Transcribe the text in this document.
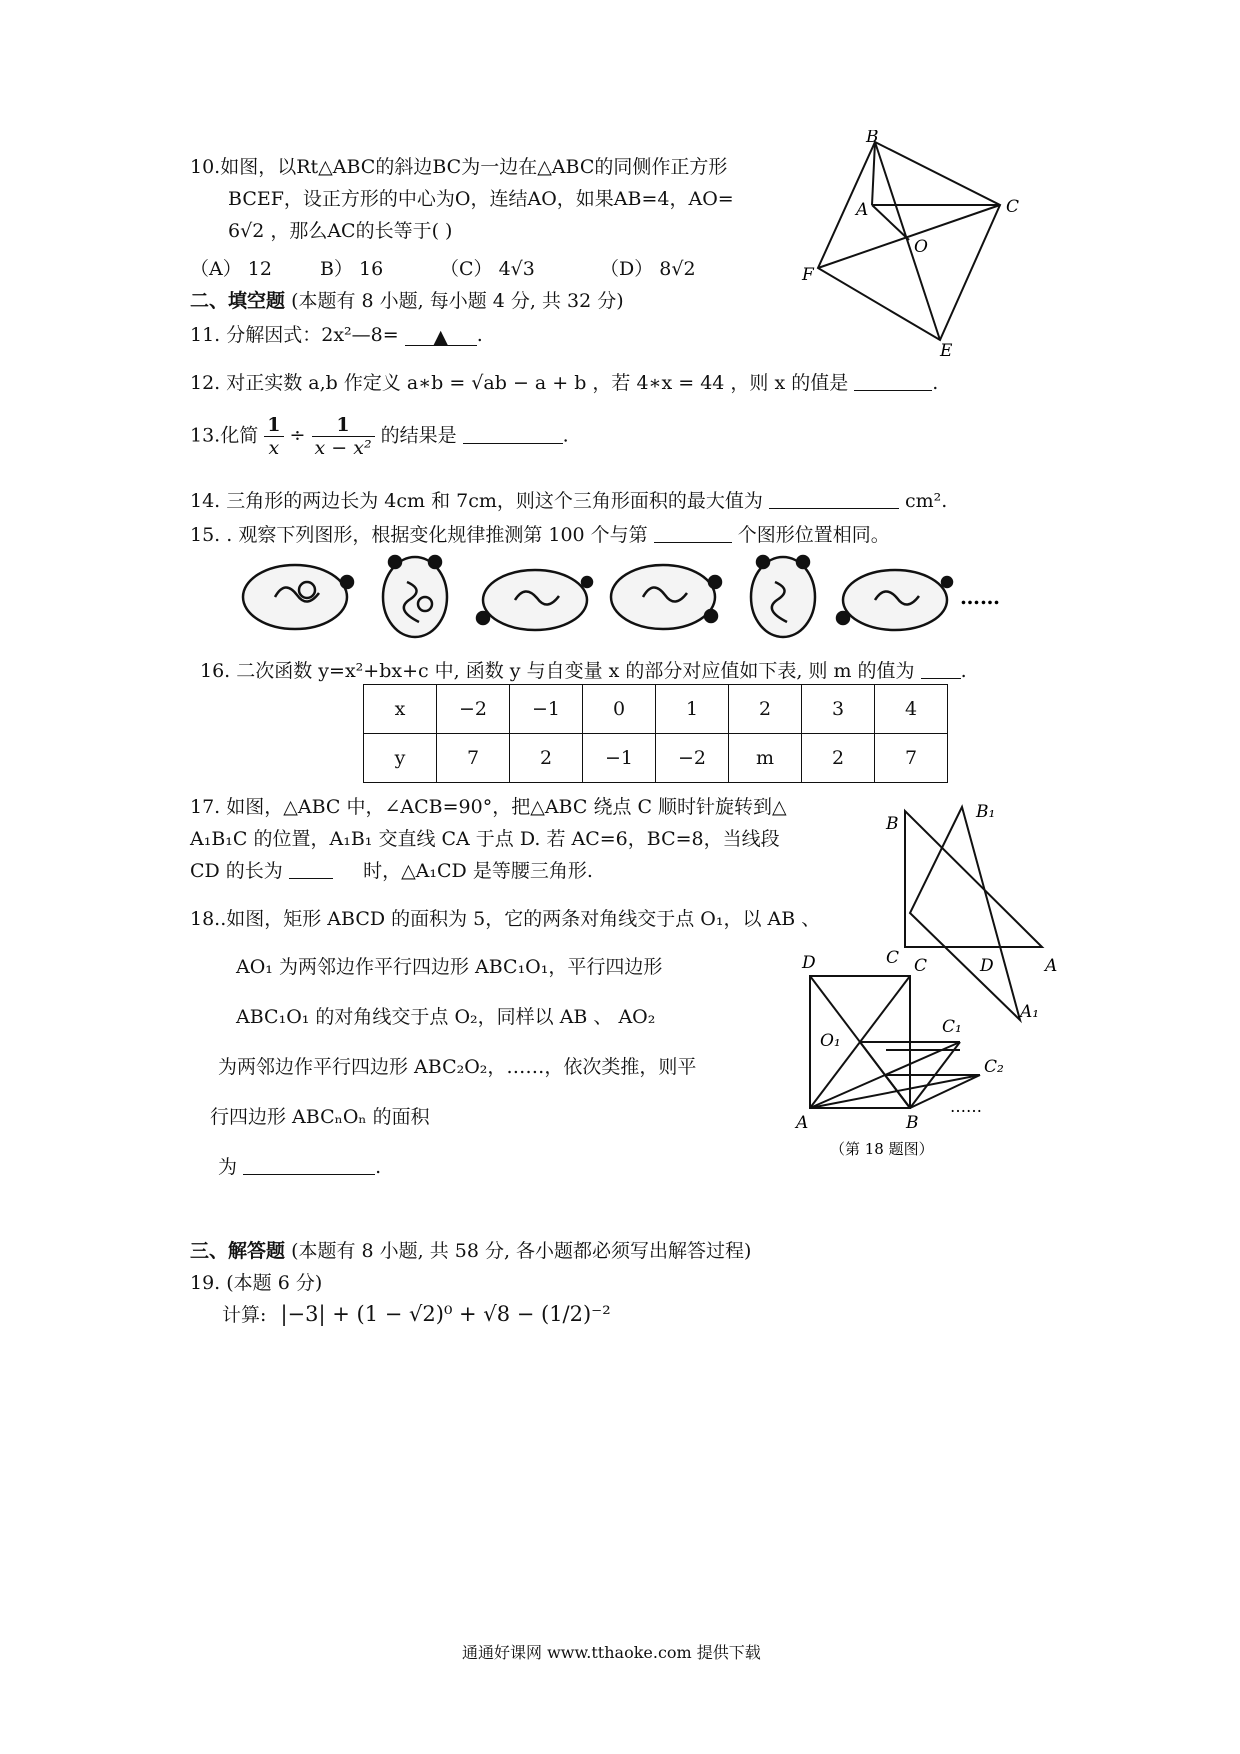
10.如图，以Rt△ABC的斜边BC为一边在△ABC的同侧作正方形
BCEF，设正方形的中心为O，连结AO，如果AB=4，AO=
6√2 ，那么AC的长等于( )
（A） 12	B） 16	（C） 4√3	（D） 8√2
B
A	C
O
F
E
二、填空题 (本题有 8 小题, 每小题 4 分, 共 32 分)
11. 分解因式：2x²—8= ▲ .
12. 对正实数 a,b 作定义 a∗b = √ab − a + b ，若 4∗x = 44 ，则 x 的值是	.
13.化简 $\frac{1}{x} \div \frac{1}{\text{x − x²}}$ 的结果是	.
14. 三角形的两边长为 4cm 和 7cm，则这个三角形面积的最大值为	cm².
15. . 观察下列图形，根据变化规律推测第 100 个与第	个图形位置相同。
……
16. 二次函数 y=x²+bx+c 中, 函数 y 与自变量 x 的部分对应值如下表, 则 m 的值为 .
x	−2	−1	0	1	2	3	4
y	7	2	−1	−2	m	2	7
17. 如图，△ABC 中，∠ACB=90°，把△ABC 绕点 C 顺时针旋转到△
A₁B₁C 的位置，A₁B₁ 交直线 CA 于点 D. 若 AC=6，BC=8，当线段
CD 的长为	时，△A₁CD 是等腰三角形.
B
B₁
C C	D	A
A₁
18..如图，矩形 ABCD 的面积为 5，它的两条对角线交于点 O₁，以 AB 、
AO₁ 为两邻边作平行四边形 ABC₁O₁，平行四边形
ABC₁O₁ 的对角线交于点 O₂，同样以 AB 、 AO₂
为两邻边作平行四边形 ABC₂O₂，……，依次类推，则平
行四边形 ABCₙOₙ 的面积
为	.
D
O₁
C₁
C₂
A	B
……
（第 18 题图）
三、解答题 (本题有 8 小题, 共 58 分, 各小题都必须写出解答过程)
19. (本题 6 分)
计算: |−3| + (1 − √2)⁰ + √8 − (1/2)⁻²
通通好课网 www.tthaoke.com 提供下载
